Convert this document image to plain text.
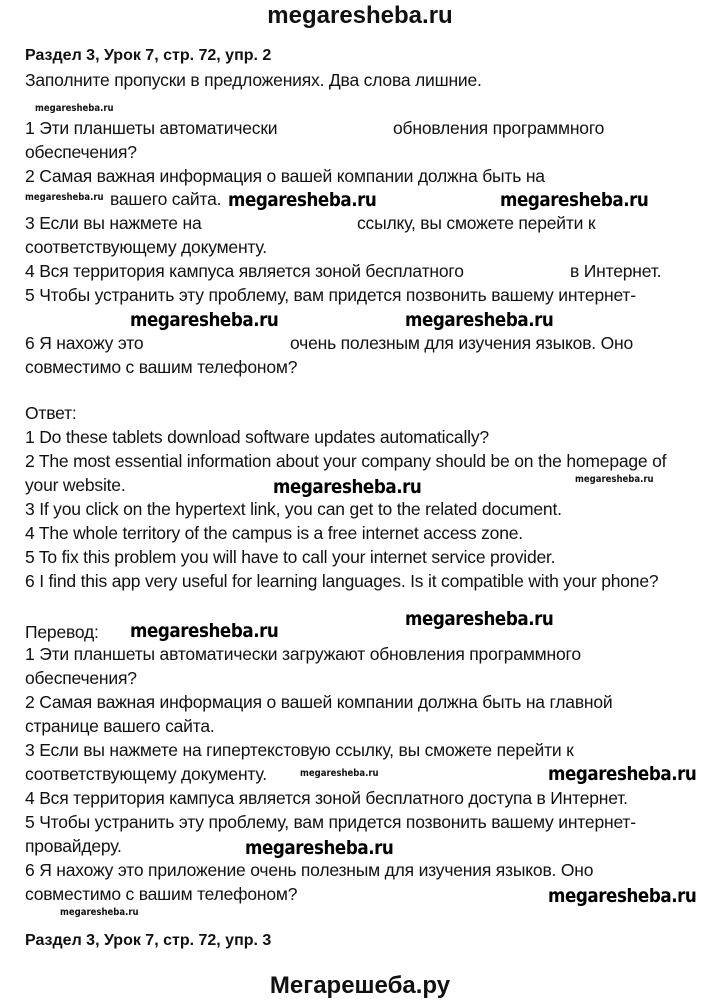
megaresheba.ru
Раздел 3, Урок 7, стр. 72, упр. 2
Заполните пропуски в предложениях. Два слова лишние.
megaresheba.ru
1 Эти планшеты автоматически	обновления программного
обеспечения?
2 Самая важная информация о вашей компании должна быть на
megaresheba.ru вашего сайта. megaresheba.ru	megaresheba.ru
3 Если вы нажмете на	ссылку, вы сможете перейти к
соответствующему документу.
4 Вся территория кампуса является зоной бесплатного	в Интернет.
5 Чтобы устранить эту проблему, вам придется позвонить вашему интернет-
megaresheba.ru	megaresheba.ru
6 Я нахожу это	очень полезным для изучения языков. Оно
совместимо с вашим телефоном?
Ответ:
1 Do these tablets download software updates automatically?
2 The most essential information about your company should be on the homepage of
your website.	megaresheba.ru
megaresheba.ru
3 If you click on the hypertext link, you can get to the related document.
4 The whole territory of the campus is a free internet access zone.
5 To fix this problem you will have to call your internet service provider.
6 I find this app very useful for learning languages. Is it compatible with your phone?
megaresheba.ru
Перевод: megaresheba.ru
1 Эти планшеты автоматически загружают обновления программного
обеспечения?
2 Самая важная информация о вашей компании должна быть на главной
странице вашего сайта.
3 Если вы нажмете на гипертекстовую ссылку, вы сможете перейти к
соответствующему документу.	megaresheba.ru	megaresheba.ru
4 Вся территория кампуса является зоной бесплатного доступа в Интернет.
5 Чтобы устранить эту проблему, вам придется позвонить вашему интернет-
провайдеру.	megaresheba.ru
6 Я нахожу это приложение очень полезным для изучения языков. Оно
совместимо с вашим телефоном?	megaresheba.ru
megaresheba.ru
Раздел 3, Урок 7, стр. 72, упр. 3
Мегарешеба.ру
